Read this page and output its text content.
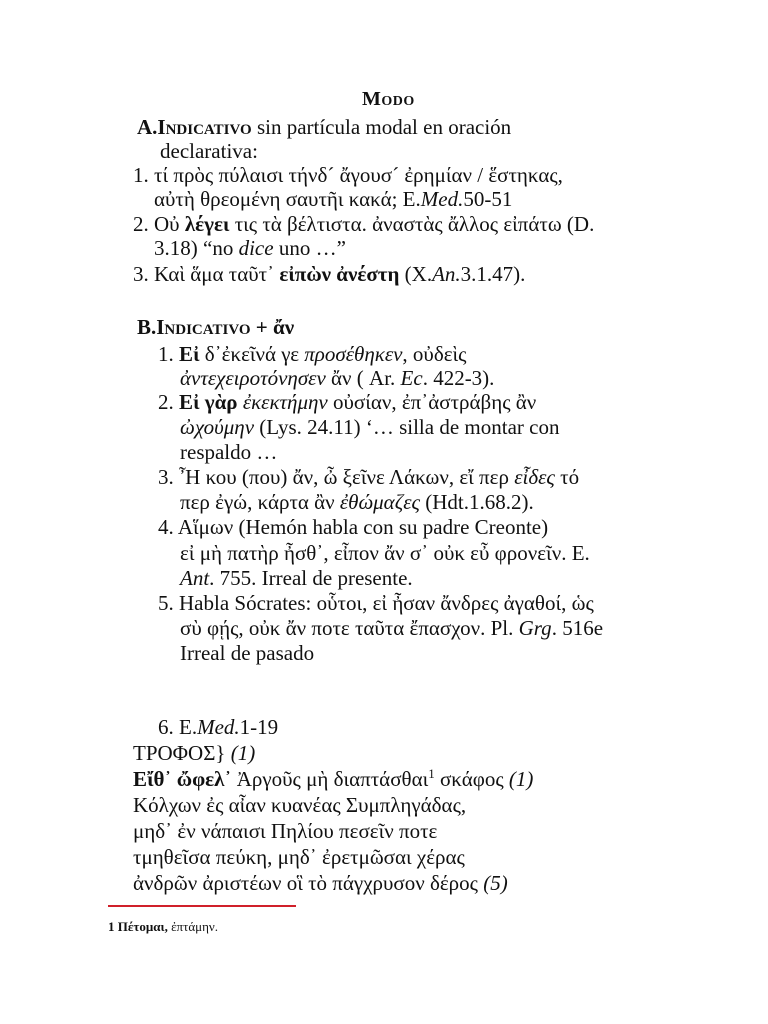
Modo
A.Indicativo sin partícula modal en oración
declarativa:
1. τί πρὸς πύλαισι τήνδ´ ἄγουσ´ ἐρημίαν / ἕστηκας,
αὐτὴ θρεομένη σαυτῆι κακά; E.Med.50-51
2. Οὐ λέγει τις τὰ βέλτιστα. ἀναστὰς ἄλλος εἰπάτω (D.
3.18) “no dice uno …”
3. Καὶ ἅμα ταῦτ᾽ εἰπὼν ἀνέστη (X.An.3.1.47).
B.Indicativo + ἄν
1. Εἰ δ᾽ἐκεῖνά γε προσέθηκεν, οὐδεὶς
ἀντεχειροτόνησεν ἄν ( Ar. Ec. 422-3).
2. Εἰ γὰρ ἐκεκτήμην οὐσίαν, ἐπ᾽ἀστράβης ἂν
ὠχούμην (Lys. 24.11) ‘… silla de montar con
respaldo …
3. Ἦ κου (που) ἄν, ὦ ξεῖνε Λάκων, εἴ περ εἶδες τό
περ ἐγώ, κάρτα ἂν ἐθώμαζες (Hdt.1.68.2).
4. Αἵμων (Hemón habla con su padre Creonte)
εἰ μὴ πατὴρ ἦσθ᾽, εἶπον ἄν σ᾽ οὐκ εὖ φρονεῖν. E.
Ant. 755. Irreal de presente.
5. Habla Sócrates: οὗτοι, εἰ ἦσαν ἄνδρες ἀγαθοί, ὡς
σὺ φῄς, οὐκ ἄν ποτε ταῦτα ἔπασχον. Pl. Grg. 516e
Irreal de pasado
6. E.Med.1-19
ΤΡΟΦΟΣ} (1)
Εἴθ᾽ ὤφελ᾽ Ἀργοῦς μὴ διαπτάσθαι$^1$ σκάφος (1)
Κόλχων ἐς αἶαν κυανέας Συμπληγάδας,
μηδ᾽ ἐν νάπαισι Πηλίου πεσεῖν ποτε
τμηθεῖσα πεύκη, μηδ᾽ ἐρετμῶσαι χέρας
ἀνδρῶν ἀριστέων οἳ τὸ πάγχρυσον δέρος (5)
1 Πέτομαι, ἐπτάμην.
